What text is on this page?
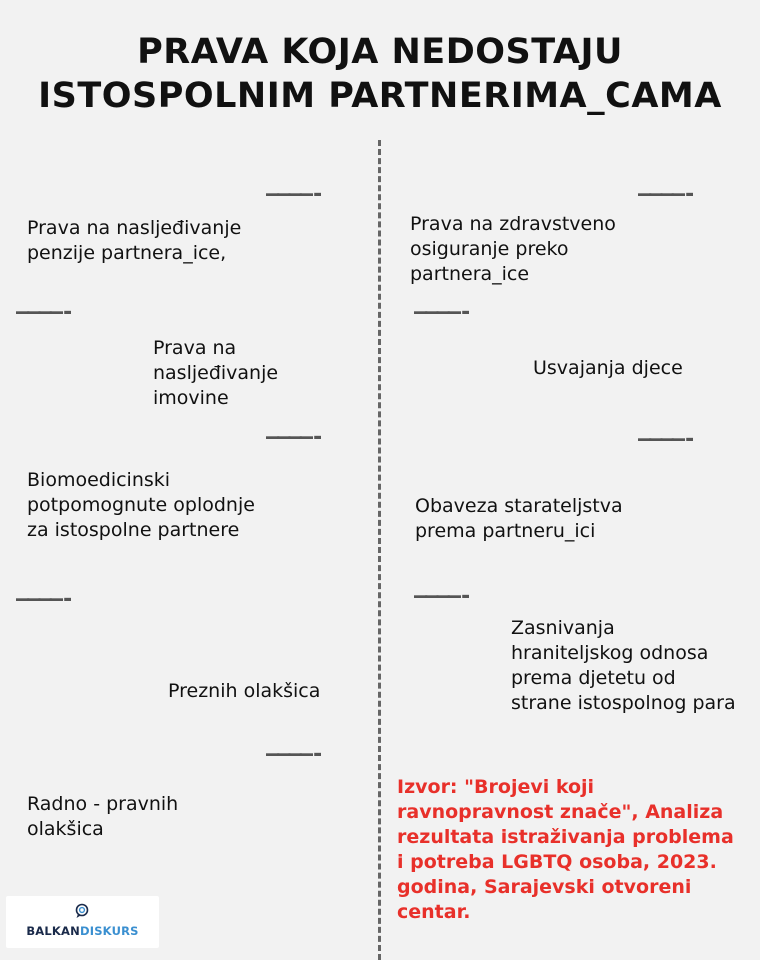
PRAVA KOJA NEDOSTAJU
ISTOSPOLNIM PARTNERIMA_CAMA
————-
————-
————-
————-
————-
————-
————-
————-
————-
Prava na nasljeđivanje penzije partnera_ice,
Prava na nasljeđivanje imovine
Biomoedicinski potpomognute oplodnje za istospolne partnere
Preznih olakšica
Radno - pravnih olakšica
Prava na zdravstveno osiguranje preko partnera_ice
Usvajanja djece
Obaveza starateljstva prema partneru_ici
Zasnivanja hraniteljskog odnosa prema djetetu od strane istospolnog para
Izvor: "Brojevi koji ravnopravnost znače", Analiza rezultata istraživanja problema i potreba LGBTQ osoba, 2023. godina, Sarajevski otvoreni centar.
BALKANDISKURS
